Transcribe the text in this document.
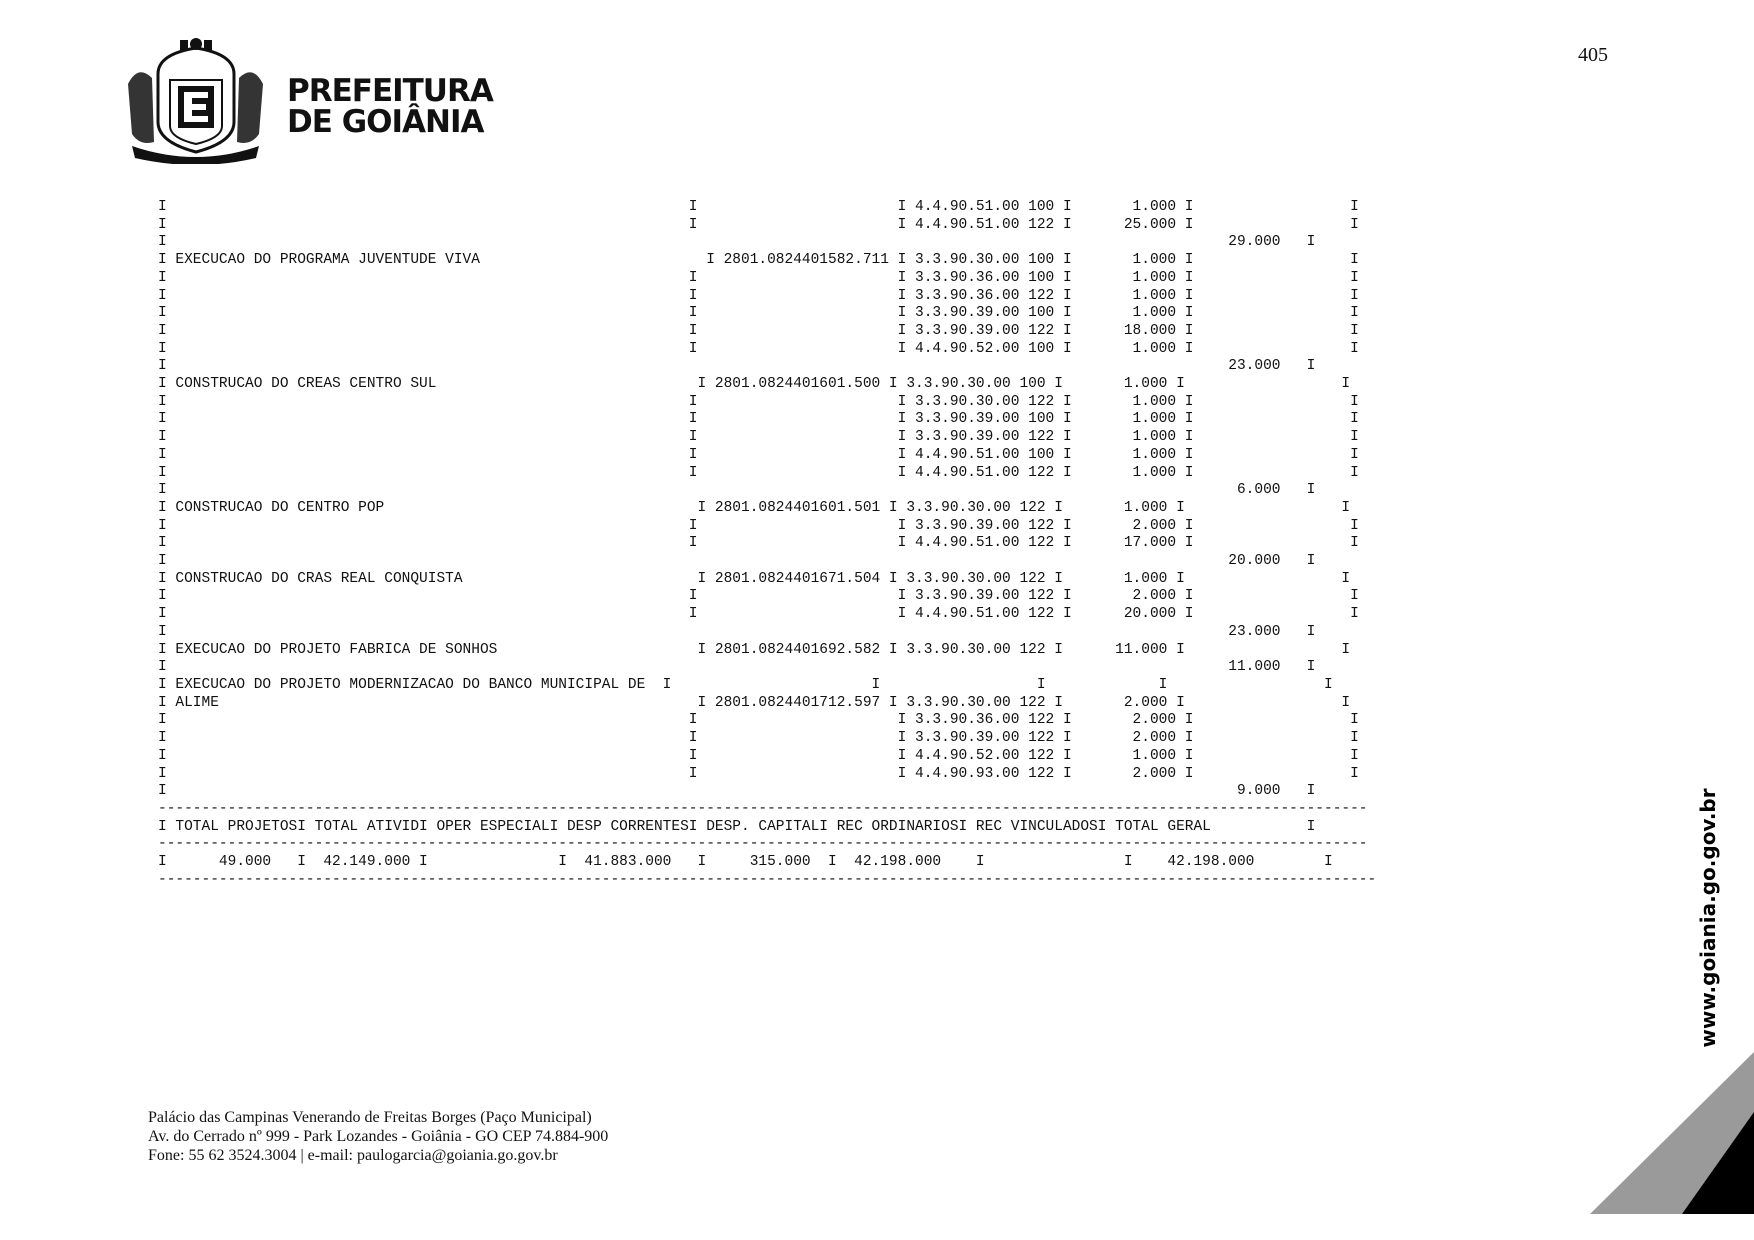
PREFEITURA
DE GOIÂNIA
405
I                                                            I                       I 4.4.90.51.00 100 I       1.000 I                  I
I                                                            I                       I 4.4.90.51.00 122 I      25.000 I                  I
I                                                                                                                          29.000   I
I EXECUCAO DO PROGRAMA JUVENTUDE VIVA                          I 2801.0824401582.711 I 3.3.90.30.00 100 I       1.000 I                  I
I                                                            I                       I 3.3.90.36.00 100 I       1.000 I                  I
I                                                            I                       I 3.3.90.36.00 122 I       1.000 I                  I
I                                                            I                       I 3.3.90.39.00 100 I       1.000 I                  I
I                                                            I                       I 3.3.90.39.00 122 I      18.000 I                  I
I                                                            I                       I 4.4.90.52.00 100 I       1.000 I                  I
I                                                                                                                          23.000   I
I CONSTRUCAO DO CREAS CENTRO SUL                              I 2801.0824401601.500 I 3.3.90.30.00 100 I       1.000 I                  I
I                                                            I                       I 3.3.90.30.00 122 I       1.000 I                  I
I                                                            I                       I 3.3.90.39.00 100 I       1.000 I                  I
I                                                            I                       I 3.3.90.39.00 122 I       1.000 I                  I
I                                                            I                       I 4.4.90.51.00 100 I       1.000 I                  I
I                                                            I                       I 4.4.90.51.00 122 I       1.000 I                  I
I                                                                                                                           6.000   I
I CONSTRUCAO DO CENTRO POP                                    I 2801.0824401601.501 I 3.3.90.30.00 122 I       1.000 I                  I
I                                                            I                       I 3.3.90.39.00 122 I       2.000 I                  I
I                                                            I                       I 4.4.90.51.00 122 I      17.000 I                  I
I                                                                                                                          20.000   I
I CONSTRUCAO DO CRAS REAL CONQUISTA                           I 2801.0824401671.504 I 3.3.90.30.00 122 I       1.000 I                  I
I                                                            I                       I 3.3.90.39.00 122 I       2.000 I                  I
I                                                            I                       I 4.4.90.51.00 122 I      20.000 I                  I
I                                                                                                                          23.000   I
I EXECUCAO DO PROJETO FABRICA DE SONHOS                       I 2801.0824401692.582 I 3.3.90.30.00 122 I      11.000 I                  I
I                                                                                                                          11.000   I
I EXECUCAO DO PROJETO MODERNIZACAO DO BANCO MUNICIPAL DE  I                       I                  I             I                  I
I ALIME                                                       I 2801.0824401712.597 I 3.3.90.30.00 122 I       2.000 I                  I
I                                                            I                       I 3.3.90.36.00 122 I       2.000 I                  I
I                                                            I                       I 3.3.90.39.00 122 I       2.000 I                  I
I                                                            I                       I 4.4.90.52.00 122 I       1.000 I                  I
I                                                            I                       I 4.4.90.93.00 122 I       2.000 I                  I
I                                                                                                                           9.000   I
-------------------------------------------------------------------------------------------------------------------------------------------
I TOTAL PROJETOSI TOTAL ATIVIDI OPER ESPECIALI DESP CORRENTESI DESP. CAPITALI REC ORDINARIOSI REC VINCULADOSI TOTAL GERAL           I
-------------------------------------------------------------------------------------------------------------------------------------------
I      49.000   I  42.149.000 I               I  41.883.000   I     315.000  I  42.198.000    I                I    42.198.000        I
--------------------------------------------------------------------------------------------------------------------------------------------

Palácio das Campinas Venerando de Freitas Borges (Paço Municipal)
Av. do Cerrado nº 999 - Park Lozandes - Goiânia - GO CEP 74.884-900
Fone: 55 62 3524.3004 | e-mail: paulogarcia@goiania.go.gov.br
www.goiania.go.gov.br
